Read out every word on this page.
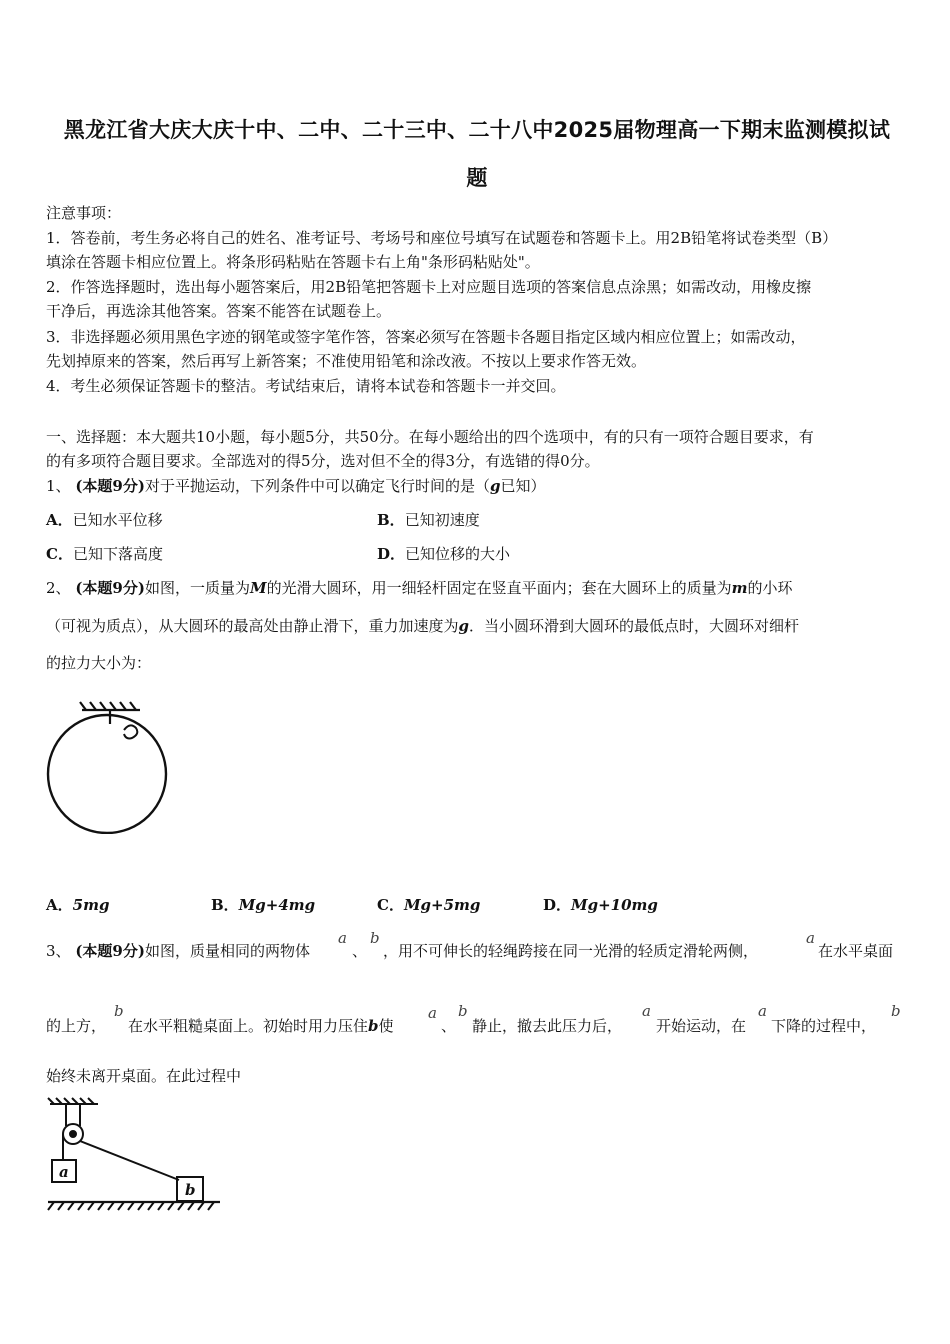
黑龙江省大庆大庆十中、二中、二十三中、二十八中2025届物理高一下期末监测模拟试
题
注意事项：
1．答卷前，考生务必将自己的姓名、准考证号、考场号和座位号填写在试题卷和答题卡上。用2B铅笔将试卷类型（B）
填涂在答题卡相应位置上。将条形码粘贴在答题卡右上角"条形码粘贴处"。
2．作答选择题时，选出每小题答案后，用2B铅笔把答题卡上对应题目选项的答案信息点涂黑；如需改动，用橡皮擦
干净后，再选涂其他答案。答案不能答在试题卷上。
3．非选择题必须用黑色字迹的钢笔或签字笔作答，答案必须写在答题卡各题目指定区域内相应位置上；如需改动，
先划掉原来的答案，然后再写上新答案；不准使用铅笔和涂改液。不按以上要求作答无效。
4．考生必须保证答题卡的整洁。考试结束后，请将本试卷和答题卡一并交回。
一、选择题：本大题共10小题，每小题5分，共50分。在每小题给出的四个选项中，有的只有一项符合题目要求，有
的有多项符合题目要求。全部选对的得5分，选对但不全的得3分，有选错的得0分。
1、 (本题9分)对于平抛运动，下列条件中可以确定飞行时间的是（g已知）
A．已知水平位移	B．已知初速度
C．已知下落高度	D．已知位移的大小
2、 (本题9分)如图，一质量为M的光滑大圆环，用一细轻杆固定在竖直平面内；套在大圆环上的质量为m的小环
（可视为质点），从大圆环的最高处由静止滑下，重力加速度为g．当小圆环滑到大圆环的最低点时，大圆环对细杆
的拉力大小为：
A．5mg	B．Mg+4mg	C．Mg+5mg	D．Mg+10mg
3、 (本题9分)如图，质量相同的两物体
a
、
b
，用不可伸长的轻绳跨接在同一光滑的轻质定滑轮两侧，
a
在水平桌面
的上方，
b
在水平粗糙桌面上。初始时用力压住b使
a
、
b
静止，撤去此压力后，
a
开始运动，在
a
下降的过程中，
b
始终未离开桌面。在此过程中
a
b
